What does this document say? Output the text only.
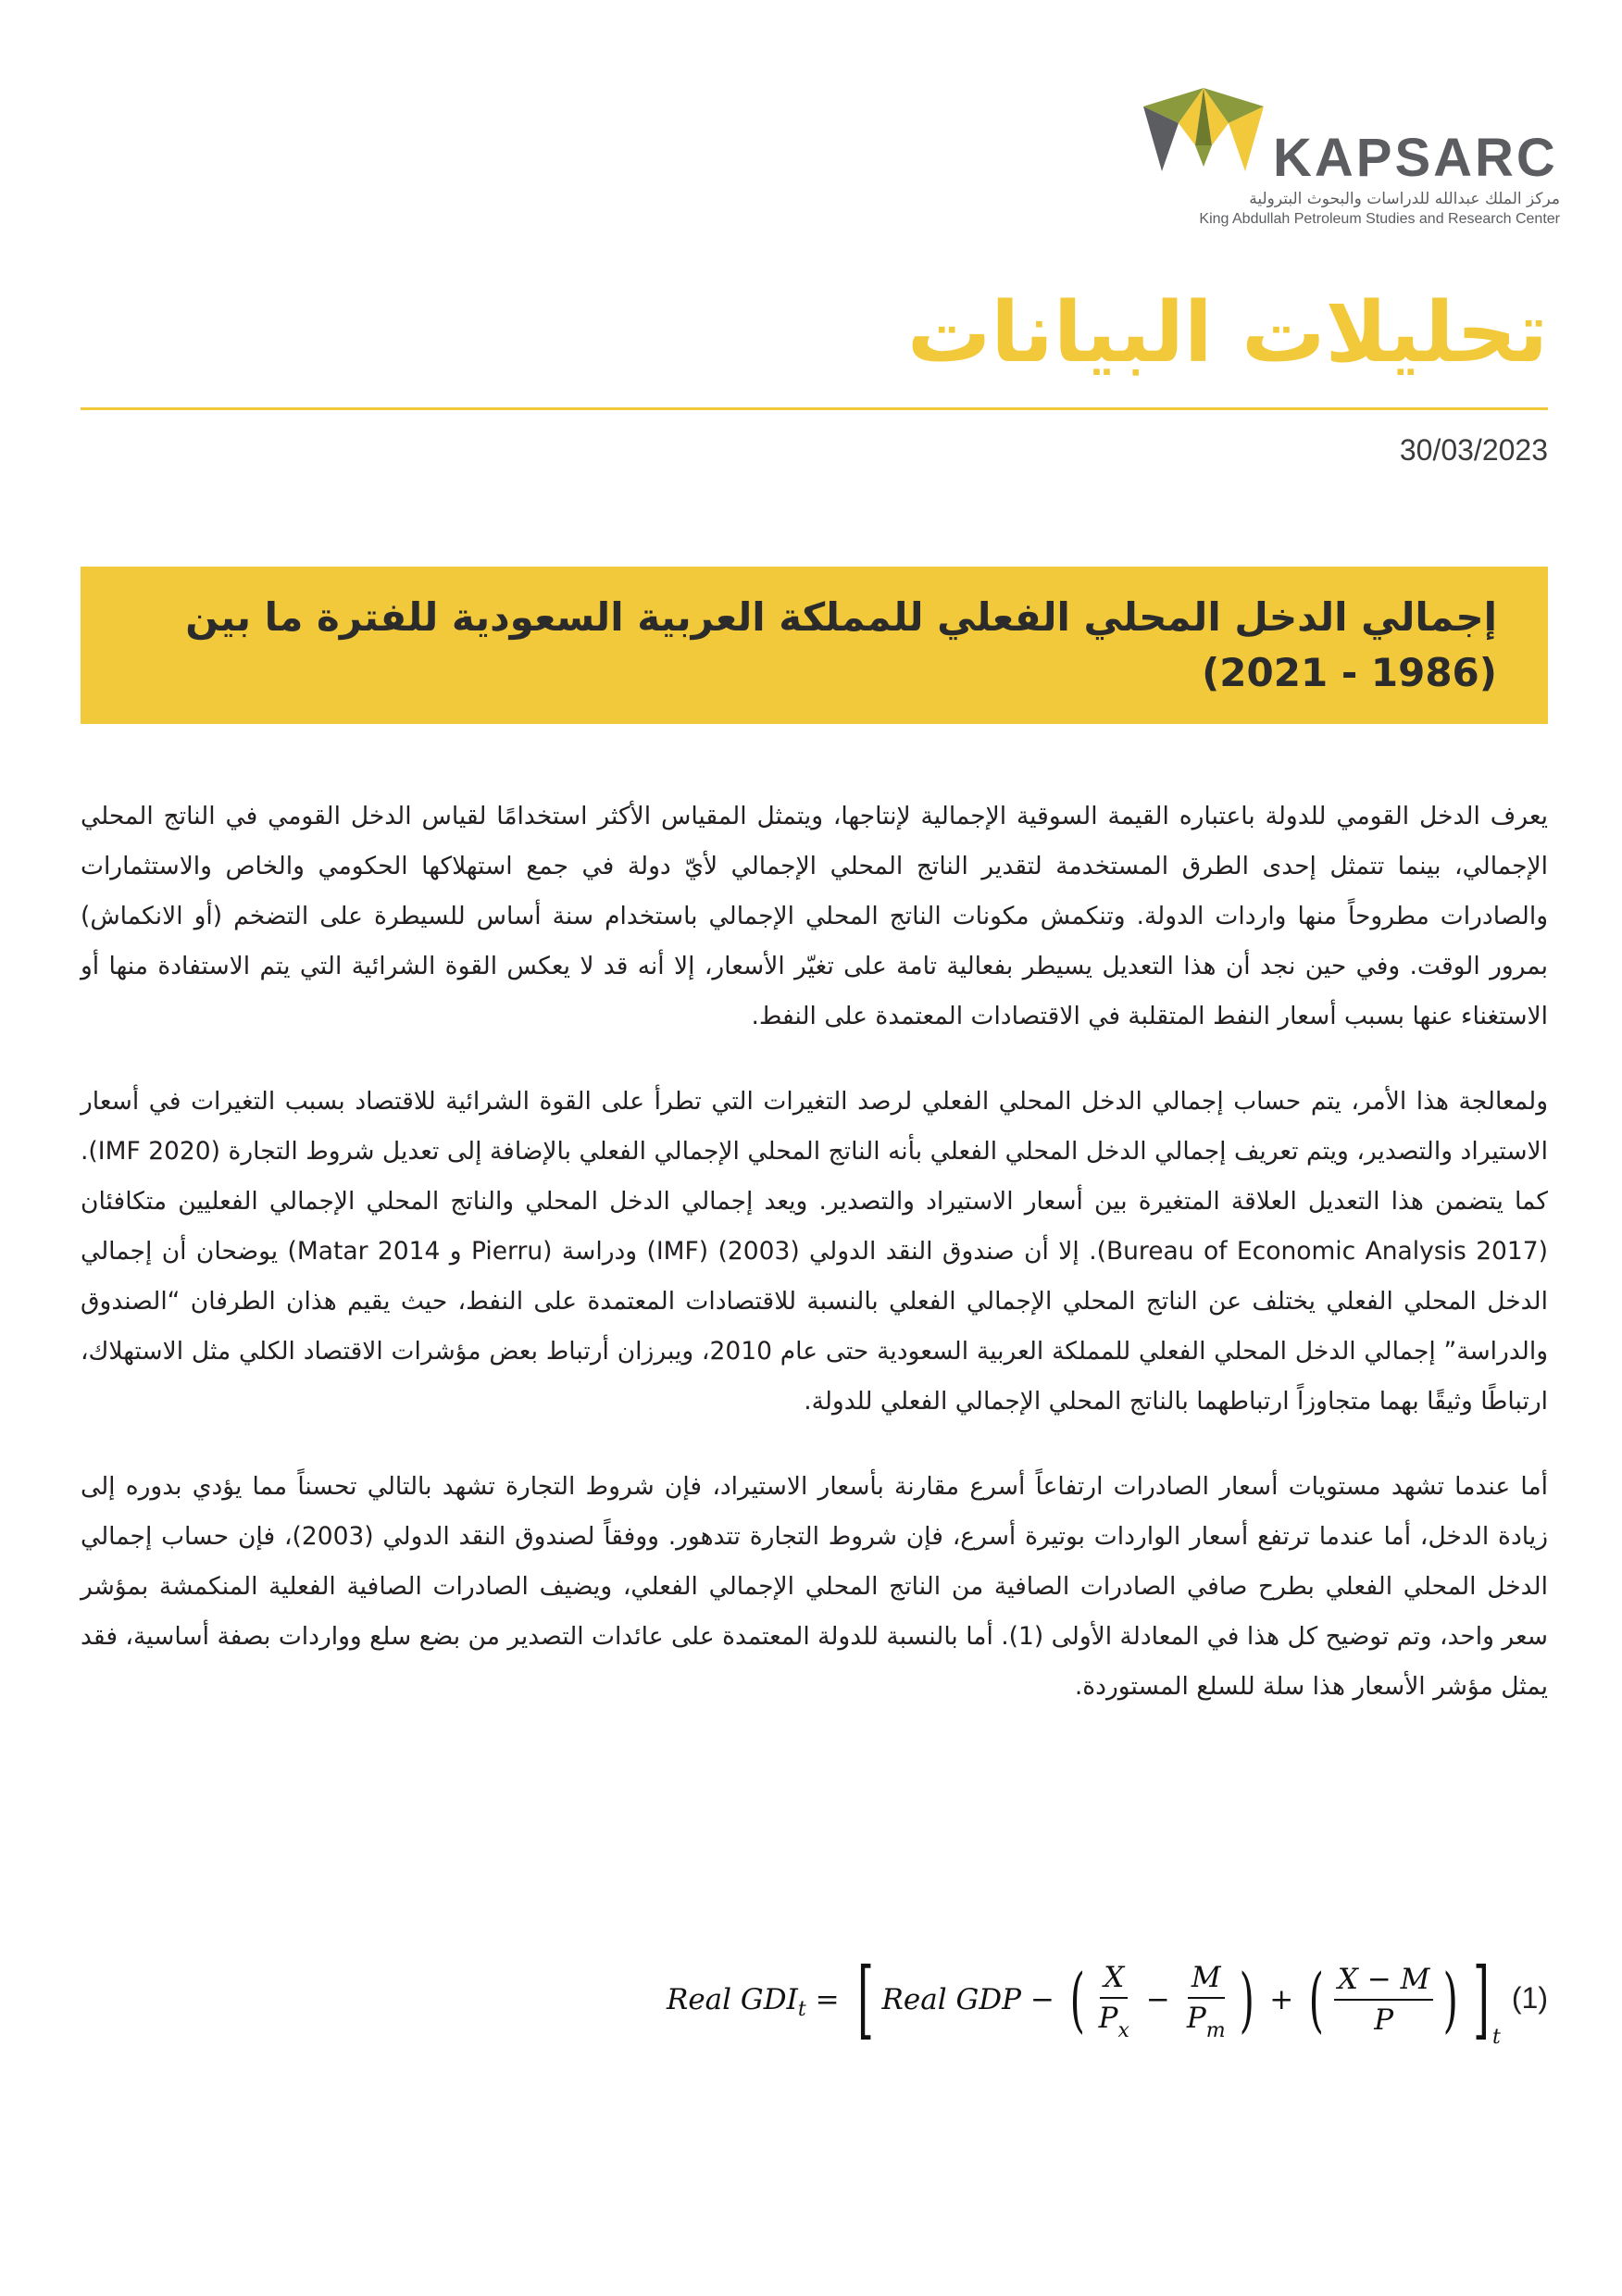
KAPSARC
مركز الملك عبدالله للدراسات والبحوث البترولية
King Abdullah Petroleum Studies and Research Center
تحليلات البيانات
30/03/2023
إجمالي الدخل المحلي الفعلي للمملكة العربية السعودية للفترة ما بين (1986 - 2021)

يعرف الدخل القومي للدولة باعتباره القيمة السوقية الإجمالية لإنتاجها، ويتمثل المقياس الأكثر استخدامًا لقياس الدخل القومي في الناتج المحلي الإجمالي، بينما تتمثل إحدى الطرق المستخدمة لتقدير الناتج المحلي الإجمالي لأيّ دولة في جمع استهلاكها الحكومي والخاص والاستثمارات والصادرات مطروحاً منها واردات الدولة. وتنكمش مكونات الناتج المحلي الإجمالي باستخدام سنة أساس للسيطرة على التضخم (أو الانكماش) بمرور الوقت. وفي حين نجد أن هذا التعديل يسيطر بفعالية تامة على تغيّر الأسعار، إلا أنه قد لا يعكس القوة الشرائية التي يتم الاستفادة منها أو الاستغناء عنها بسبب أسعار النفط المتقلبة في الاقتصادات المعتمدة على النفط.

ولمعالجة هذا الأمر، يتم حساب إجمالي الدخل المحلي الفعلي لرصد التغيرات التي تطرأ على القوة الشرائية للاقتصاد بسبب التغيرات في أسعار الاستيراد والتصدير، ويتم تعريف إجمالي الدخل المحلي الفعلي بأنه الناتج المحلي الإجمالي الفعلي بالإضافة إلى تعديل شروط التجارة (IMF 2020). كما يتضمن هذا التعديل العلاقة المتغيرة بين أسعار الاستيراد والتصدير. ويعد إجمالي الدخل المحلي والناتج المحلي الإجمالي الفعليين متكافئان (Bureau of Economic Analysis 2017). إلا أن صندوق النقد الدولي (2003) (IMF) ودراسة (Pierru و Matar 2014) يوضحان أن إجمالي الدخل المحلي الفعلي يختلف عن الناتج المحلي الإجمالي الفعلي بالنسبة للاقتصادات المعتمدة على النفط، حيث يقيم هذان الطرفان “الصندوق والدراسة” إجمالي الدخل المحلي الفعلي للمملكة العربية السعودية حتى عام 2010، ويبرزان أرتباط بعض مؤشرات الاقتصاد الكلي مثل الاستهلاك، ارتباطًا وثيقًا بهما متجاوزاً ارتباطهما بالناتج المحلي الإجمالي الفعلي للدولة.

أما عندما تشهد مستويات أسعار الصادرات ارتفاعاً أسرع مقارنة بأسعار الاستيراد، فإن شروط التجارة تشهد بالتالي تحسناً مما يؤدي بدوره إلى زيادة الدخل، أما عندما ترتفع أسعار الواردات بوتيرة أسرع، فإن شروط التجارة تتدهور. ووفقاً لصندوق النقد الدولي (2003)، فإن حساب إجمالي الدخل المحلي الفعلي بطرح صافي الصادرات الصافية من الناتج المحلي الإجمالي الفعلي، ويضيف الصادرات الصافية الفعلية المنكمشة بمؤشر سعر واحد، وتم توضيح كل هذا في المعادلة الأولى (1). أما بالنسبة للدولة المعتمدة على عائدات التصدير من بضع سلع وواردات بصفة أساسية، فقد يمثل مؤشر الأسعار هذا سلة للسلع المستوردة.

Real GDI t = [ Real GDP − ( $\frac{X}{P_x} - \frac{M}{P_m}$ ) + ( $\frac{X - M}{P}$ ) ] t
(1)
